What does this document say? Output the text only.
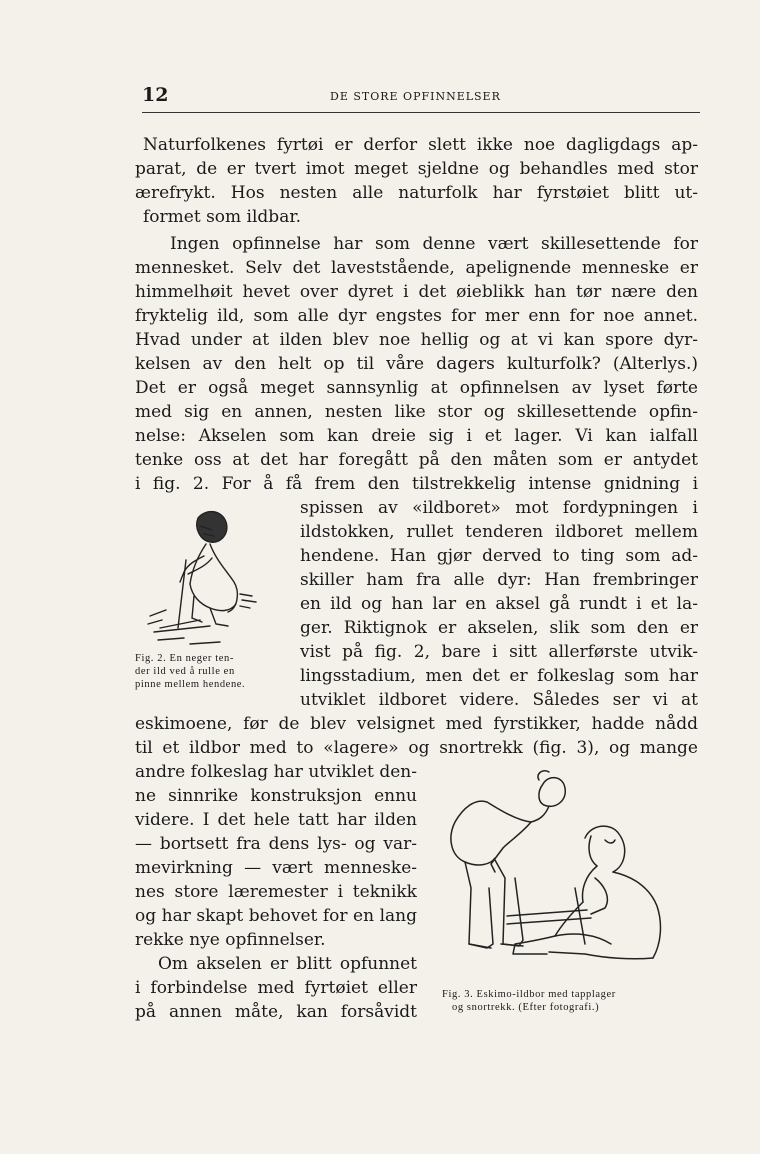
12	DE STORE OPFINNELSER
Naturfolkenes fyrtøi er derfor slett ikke noe dagligdags ap-
parat, de er tvert imot meget sjeldne og behandles med stor
ærefrykt. Hos nesten alle naturfolk har fyrstøiet blitt ut-
formet som ildbar.
Ingen opfinnelse har som denne vært skillesettende for
mennesket. Selv det laveststående, apelignende menneske er
himmelhøit hevet over dyret i det øieblikk han tør nære den
fryktelig ild, som alle dyr engstes for mer enn for noe annet.
Hvad under at ilden blev noe hellig og at vi kan spore dyr-
kelsen av den helt op til våre dagers kulturfolk? (Alterlys.)
Det er også meget sannsynlig at opfinnelsen av lyset førte
med sig en annen, nesten like stor og skillesettende opfin-
nelse: Akselen som kan dreie sig i et lager. Vi kan ialfall
tenke oss at det har foregått på den måten som er antydet
i fig. 2. For å få frem den tilstrekkelig intense gnidning i
spissen av «ildboret» mot fordypningen i
ildstokken, rullet tenderen ildboret mellem
hendene. Han gjør derved to ting som ad-
skiller ham fra alle dyr: Han frembringer
en ild og han lar en aksel gå rundt i et la-
ger. Riktignok er akselen, slik som den er
vist på fig. 2, bare i sitt allerførste utvik-
lingsstadium, men det er folkeslag som har
utviklet ildboret videre. Således ser vi at
eskimoene, før de blev velsignet med fyrstikker, hadde nådd
til et ildbor med to «lagere» og snortrekk (fig. 3), og mange
andre folkeslag har utviklet den-
ne sinnrike konstruksjon ennu
videre. I det hele tatt har ilden
— bortsett fra dens lys- og var-
mevirkning — vært menneske-
nes store læremester i teknikk
og har skapt behovet for en lang
rekke nye opfinnelser.
Om akselen er blitt opfunnet
i forbindelse med fyrtøiet eller
på annen måte, kan forsåvidt
Fig. 2. En neger ten-
der ild ved å rulle en
pinne mellem hendene.
Fig. 3. Eskimo-ildbor med tapplager
og snortrekk. (Efter fotografi.)
